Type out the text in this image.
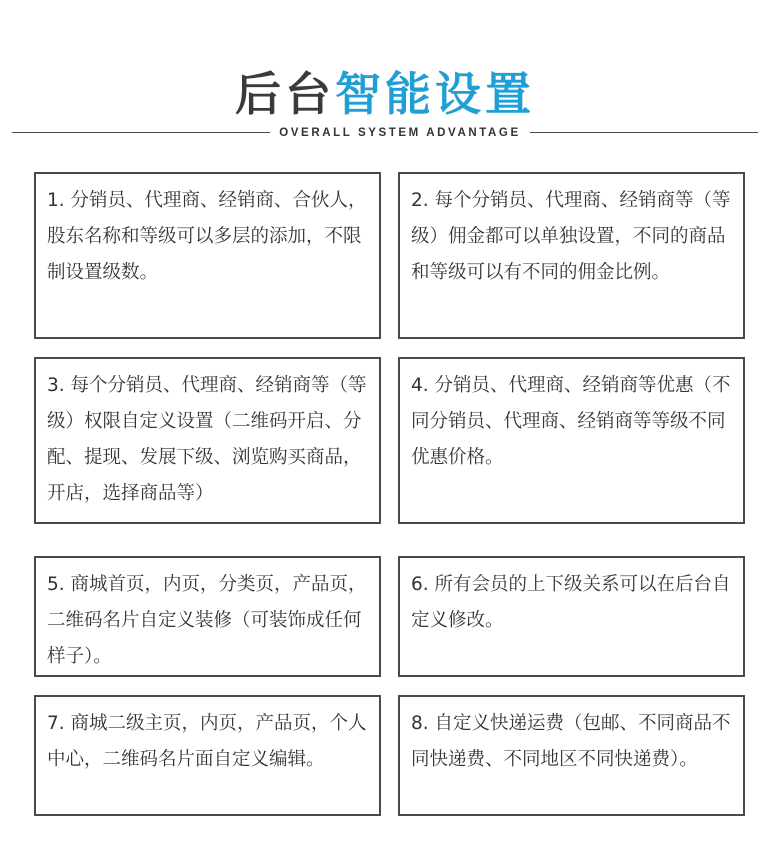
后台智能设置
OVERALL SYSTEM ADVANTAGE
1. 分销员、代理商、经销商、合伙人，股东名称和等级可以多层的添加，不限制设置级数。
2. 每个分销员、代理商、经销商等（等级）佣金都可以单独设置，不同的商品和等级可以有不同的佣金比例。
3. 每个分销员、代理商、经销商等（等级）权限自定义设置（二维码开启、分配、提现、发展下级、浏览购买商品，开店，选择商品等）
4. 分销员、代理商、经销商等优惠（不同分销员、代理商、经销商等等级不同优惠价格。
5. 商城首页，内页，分类页，产品页，二维码名片自定义装修（可装饰成任何样子）。
6. 所有会员的上下级关系可以在后台自定义修改。
7. 商城二级主页，内页，产品页，个人中心，二维码名片面自定义编辑。
8. 自定义快递运费（包邮、不同商品不同快递费、不同地区不同快递费）。
